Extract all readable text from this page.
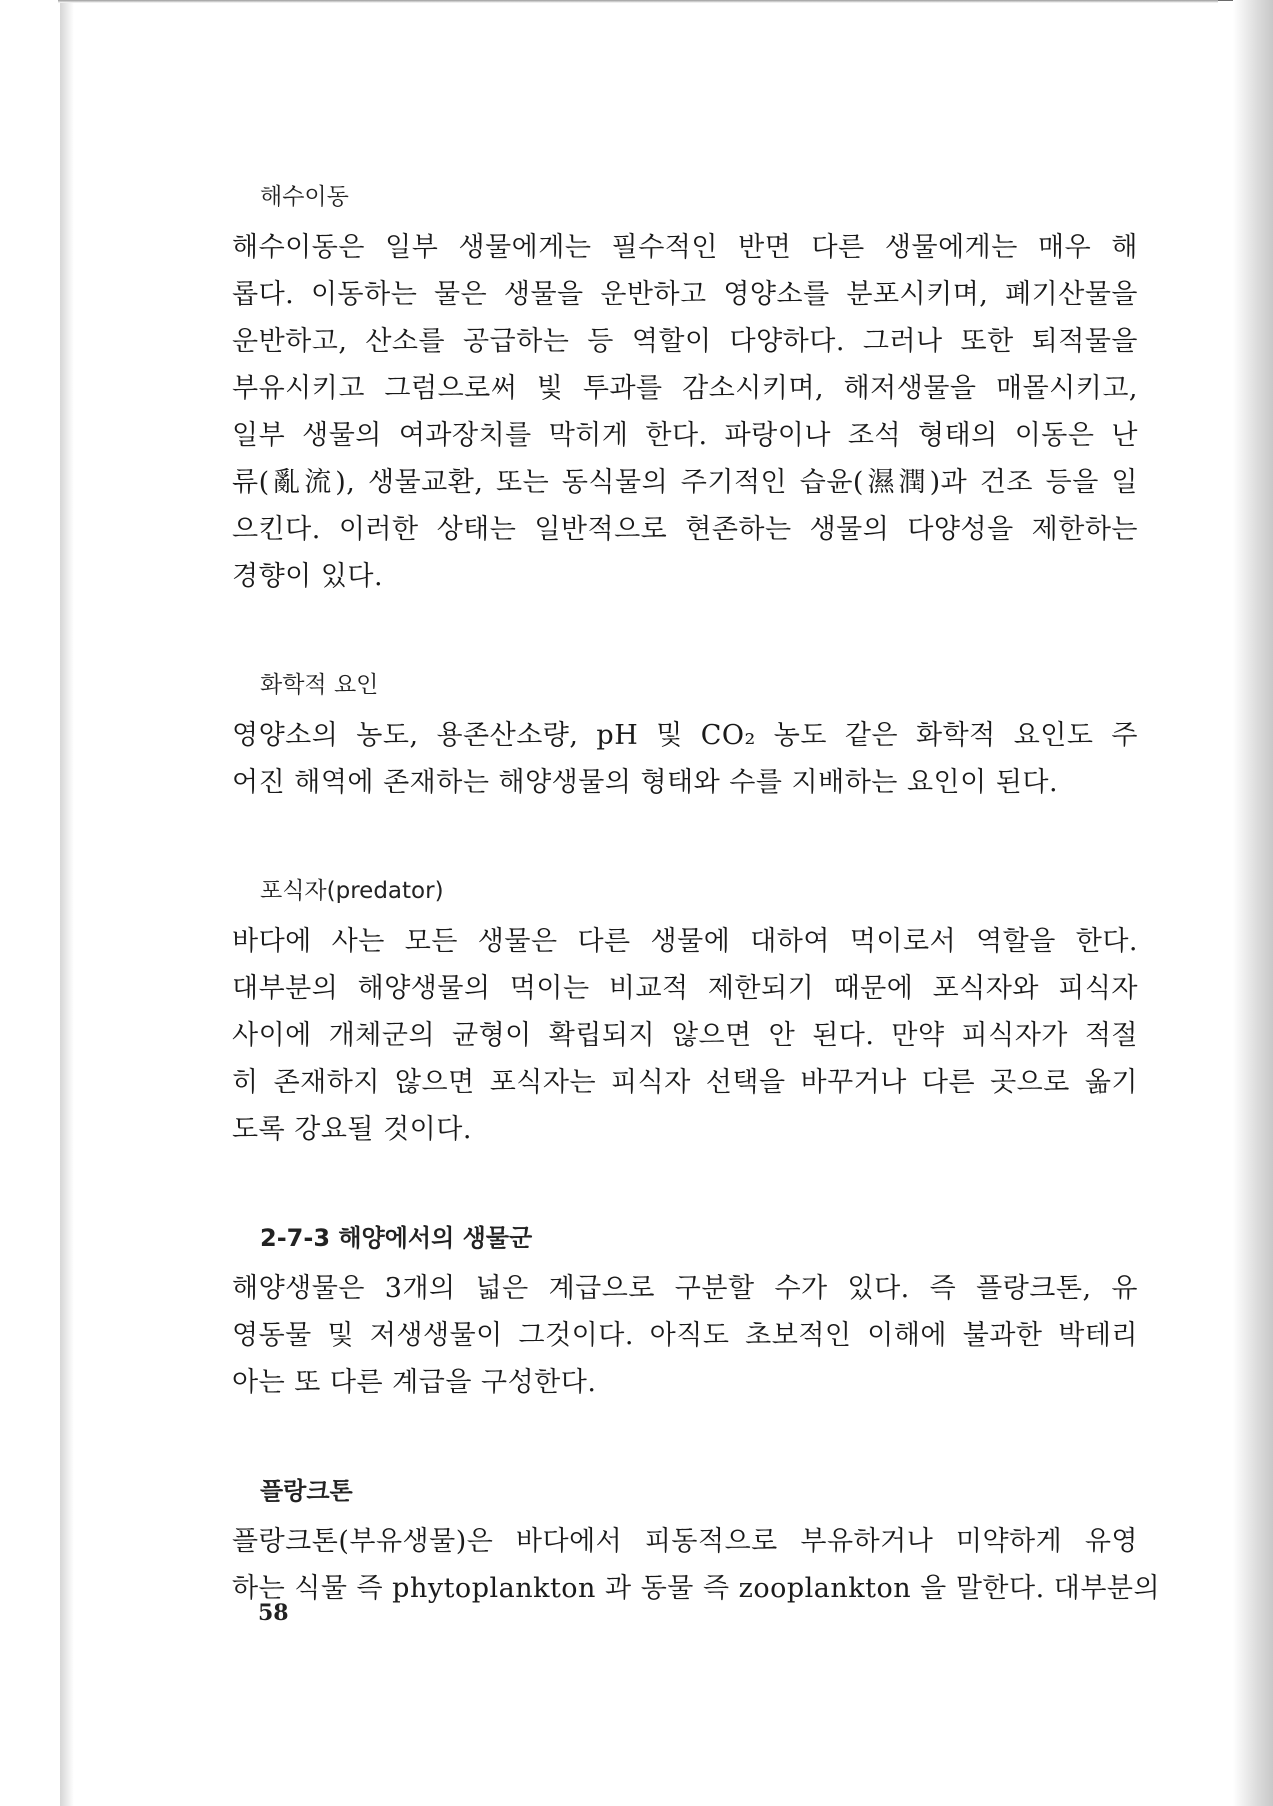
해수이동

해수이동은 일부 생물에게는 필수적인 반면 다른 생물에게는 매우 해
롭다. 이동하는 물은 생물을 운반하고 영양소를 분포시키며, 폐기산물을
운반하고, 산소를 공급하는 등 역할이 다양하다. 그러나 또한 퇴적물을
부유시키고 그럼으로써 빛 투과를 감소시키며, 해저생물을 매몰시키고,
일부 생물의 여과장치를 막히게 한다. 파랑이나 조석 형태의 이동은 난
류(亂流), 생물교환, 또는 동식물의 주기적인 습윤(濕潤)과 건조 등을 일
으킨다. 이러한 상태는 일반적으로 현존하는 생물의 다양성을 제한하는
경향이 있다.

화학적 요인

영양소의 농도, 용존산소량, pH 및 CO₂ 농도 같은 화학적 요인도 주
어진 해역에 존재하는 해양생물의 형태와 수를 지배하는 요인이 된다.

포식자(predator)

바다에 사는 모든 생물은 다른 생물에 대하여 먹이로서 역할을 한다.
대부분의 해양생물의 먹이는 비교적 제한되기 때문에 포식자와 피식자
사이에 개체군의 균형이 확립되지 않으면 안 된다. 만약 피식자가 적절
히 존재하지 않으면 포식자는 피식자 선택을 바꾸거나 다른 곳으로 옮기
도록 강요될 것이다.

2-7-3 해양에서의 생물군

해양생물은 3개의 넓은 계급으로 구분할 수가 있다. 즉 플랑크톤, 유
영동물 및 저생생물이 그것이다. 아직도 초보적인 이해에 불과한 박테리
아는 또 다른 계급을 구성한다.

플랑크톤

플랑크톤(부유생물)은 바다에서 피동적으로 부유하거나 미약하게 유영
하는 식물 즉 phytoplankton 과 동물 즉 zooplankton 을 말한다. 대부분의

58
